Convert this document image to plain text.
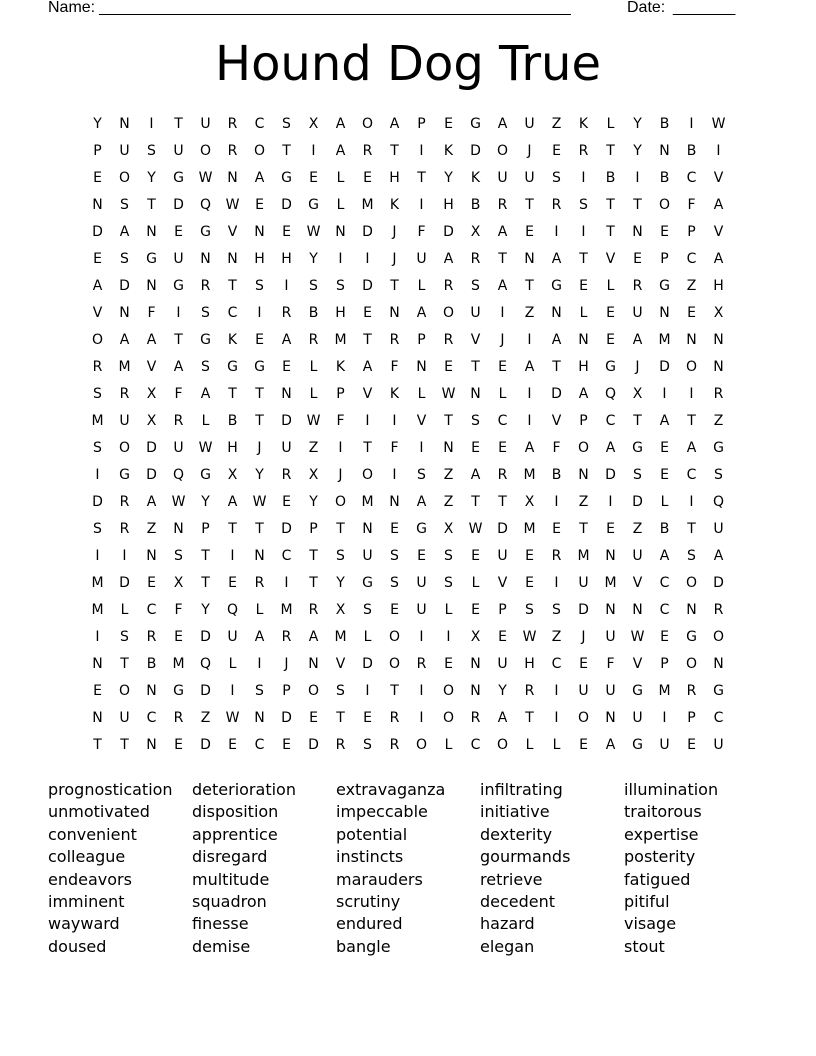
Name: _____________________________________________________	Date: _______
Hound Dog True
Y	N	I	T	U	R	C	S	X	A	O	A	P	E	G	A	U	Z	K	L	Y	B	I	W
P	U	S	U	O	R	O	T	I	A	R	T	I	K	D	O	J	E	R	T	Y	N	B	I
E	O	Y	G	W	N	A	G	E	L	E	H	T	Y	K	U	U	S	I	B	I	B	C	V
N	S	T	D	Q	W	E	D	G	L	M	K	I	H	B	R	T	R	S	T	T	O	F	A
D	A	N	E	G	V	N	E	W	N	D	J	F	D	X	A	E	I	I	T	N	E	P	V
E	S	G	U	N	N	H	H	Y	I	I	J	U	A	R	T	N	A	T	V	E	P	C	A
A	D	N	G	R	T	S	I	S	S	D	T	L	R	S	A	T	G	E	L	R	G	Z	H
V	N	F	I	S	C	I	R	B	H	E	N	A	O	U	I	Z	N	L	E	U	N	E	X
O	A	A	T	G	K	E	A	R	M	T	R	P	R	V	J	I	A	N	E	A	M	N	N
R	M	V	A	S	G	G	E	L	K	A	F	N	E	T	E	A	T	H	G	J	D	O	N
S	R	X	F	A	T	T	N	L	P	V	K	L	W	N	L	I	D	A	Q	X	I	I	R
M	U	X	R	L	B	T	D	W	F	I	I	V	T	S	C	I	V	P	C	T	A	T	Z
S	O	D	U	W	H	J	U	Z	I	T	F	I	N	E	E	A	F	O	A	G	E	A	G
I	G	D	Q	G	X	Y	R	X	J	O	I	S	Z	A	R	M	B	N	D	S	E	C	S
D	R	A	W	Y	A	W	E	Y	O	M	N	A	Z	T	T	X	I	Z	I	D	L	I	Q
S	R	Z	N	P	T	T	D	P	T	N	E	G	X	W	D	M	E	T	E	Z	B	T	U
I	I	N	S	T	I	N	C	T	S	U	S	E	S	E	U	E	R	M	N	U	A	S	A
M	D	E	X	T	E	R	I	T	Y	G	S	U	S	L	V	E	I	U	M	V	C	O	D
M	L	C	F	Y	Q	L	M	R	X	S	E	U	L	E	P	S	S	D	N	N	C	N	R
I	S	R	E	D	U	A	R	A	M	L	O	I	I	X	E	W	Z	J	U	W	E	G	O
N	T	B	M	Q	L	I	J	N	V	D	O	R	E	N	U	H	C	E	F	V	P	O	N
E	O	N	G	D	I	S	P	O	S	I	T	I	O	N	Y	R	I	U	U	G	M	R	G
N	U	C	R	Z	W	N	D	E	T	E	R	I	O	R	A	T	I	O	N	U	I	P	C
T	T	N	E	D	E	C	E	D	R	S	R	O	L	C	O	L	L	E	A	G	U	E	U
prognostication
unmotivated
convenient
colleague
endeavors
imminent
wayward
doused
deterioration
disposition
apprentice
disregard
multitude
squadron
finesse
demise
extravaganza
impeccable
potential
instincts
marauders
scrutiny
endured
bangle
infiltrating
initiative
dexterity
gourmands
retrieve
decedent
hazard
elegan
illumination
traitorous
expertise
posterity
fatigued
pitiful
visage
stout
